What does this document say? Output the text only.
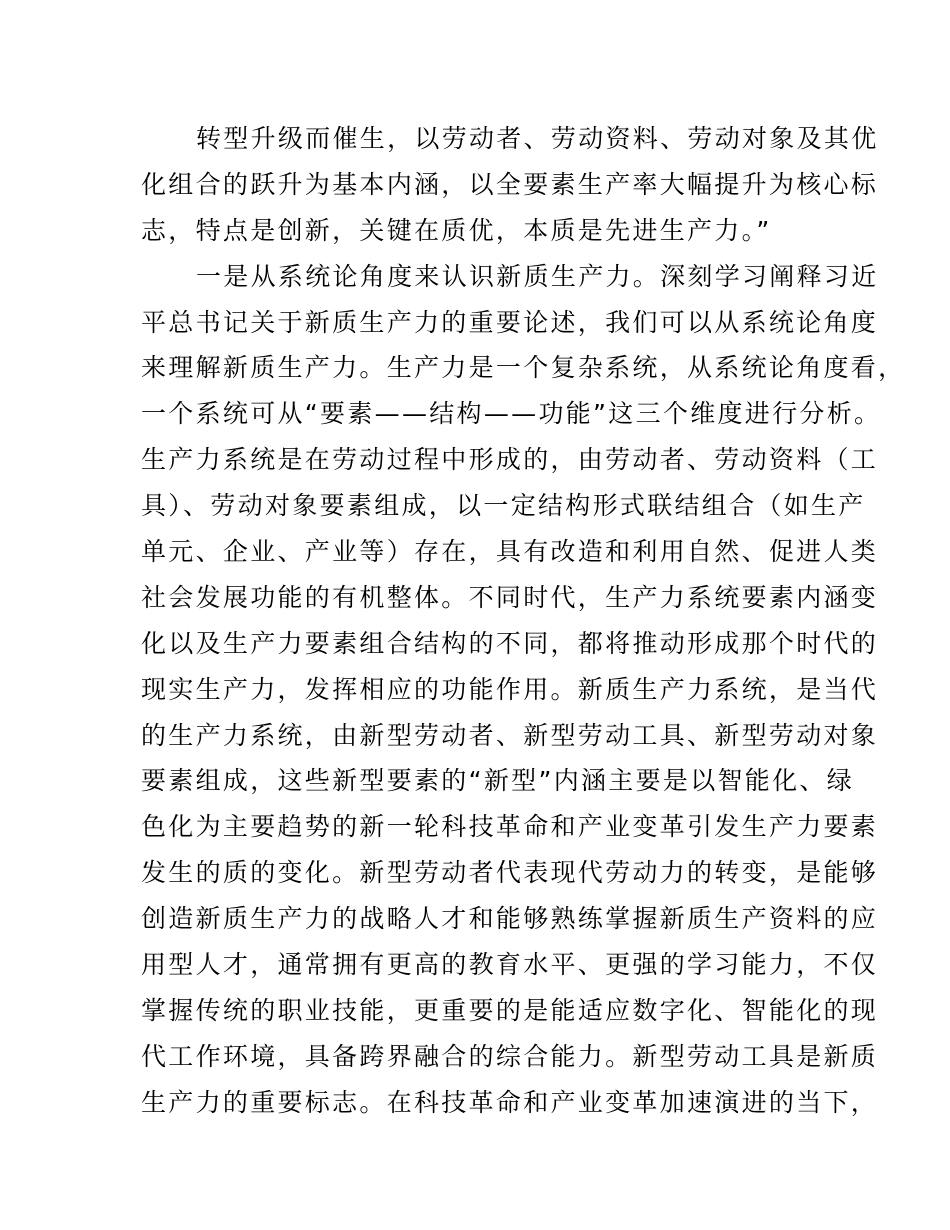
转型升级而催生，以劳动者、劳动资料、劳动对象及其优
化组合的跃升为基本内涵，以全要素生产率大幅提升为核心标
志，特点是创新，关键在质优，本质是先进生产力。”
一是从系统论角度来认识新质生产力。深刻学习阐释习近
平总书记关于新质生产力的重要论述，我们可以从系统论角度
来理解新质生产力。生产力是一个复杂系统，从系统论角度看，
一个系统可从“要素——结构——功能”这三个维度进行分析。
生产力系统是在劳动过程中形成的，由劳动者、劳动资料（工
具）、劳动对象要素组成，以一定结构形式联结组合（如生产
单元、企业、产业等）存在，具有改造和利用自然、促进人类
社会发展功能的有机整体。不同时代，生产力系统要素内涵变
化以及生产力要素组合结构的不同，都将推动形成那个时代的
现实生产力，发挥相应的功能作用。新质生产力系统，是当代
的生产力系统，由新型劳动者、新型劳动工具、新型劳动对象
要素组成，这些新型要素的“新型”内涵主要是以智能化、绿
色化为主要趋势的新一轮科技革命和产业变革引发生产力要素
发生的质的变化。新型劳动者代表现代劳动力的转变，是能够
创造新质生产力的战略人才和能够熟练掌握新质生产资料的应
用型人才，通常拥有更高的教育水平、更强的学习能力，不仅
掌握传统的职业技能，更重要的是能适应数字化、智能化的现
代工作环境，具备跨界融合的综合能力。新型劳动工具是新质
生产力的重要标志。在科技革命和产业变革加速演进的当下，
